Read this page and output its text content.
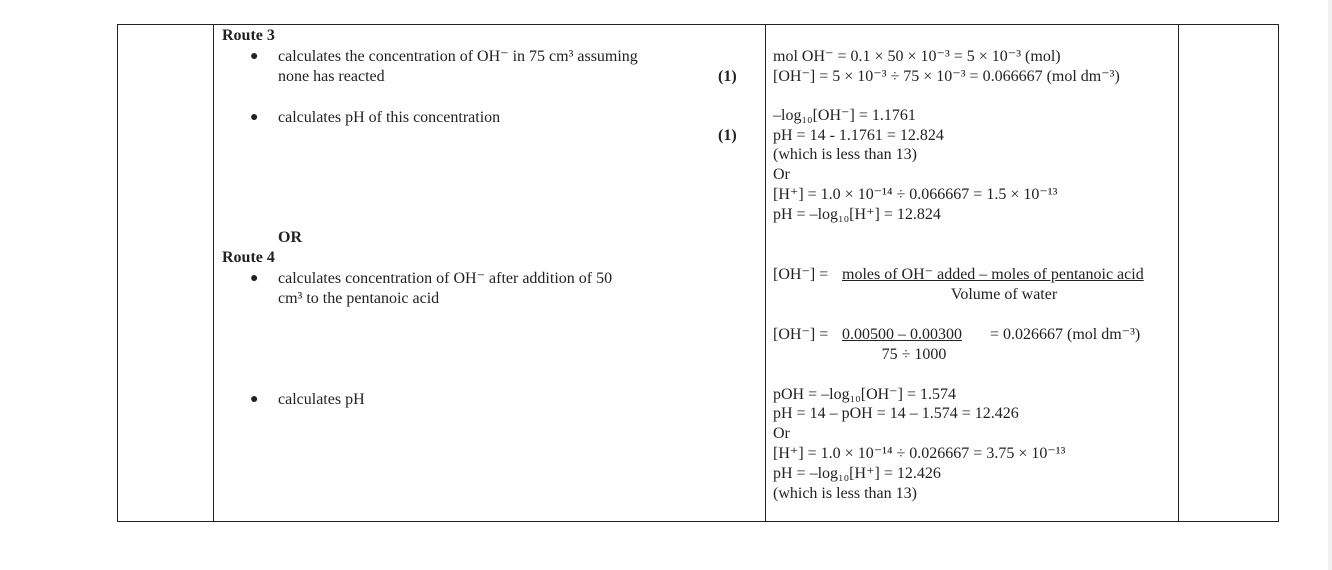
Route 3
● calculates the concentration of OH⁻ in 75 cm³ assuming
none has reacted	(1)
● calculates pH of this concentration
(1)
mol OH⁻ = 0.1 × 50 × 10⁻³ = 5 × 10⁻³ (mol)
[OH⁻] = 5 × 10⁻³ ÷ 75 × 10⁻³ = 0.066667 (mol dm⁻³)
–log₁₀[OH⁻] = 1.1761
pH = 14 - 1.1761 = 12.824
(which is less than 13)
Or
[H⁺] = 1.0 × 10⁻¹⁴ ÷ 0.066667 = 1.5 × 10⁻¹³
pH = –log₁₀[H⁺] = 12.824
OR
Route 4
● calculates concentration of OH⁻ after addition of 50
cm³ to the pentanoic acid
[OH⁻] = moles of OH⁻ added – moles of pentanoic acid
Volume of water
[OH⁻] = 0.00500 – 0.00300 = 0.026667 (mol dm⁻³)
75 ÷ 1000
● calculates pH	pOH = –log₁₀[OH⁻] = 1.574
pH = 14 – pOH = 14 – 1.574 = 12.426
Or
[H⁺] = 1.0 × 10⁻¹⁴ ÷ 0.026667 = 3.75 × 10⁻¹³
pH = –log₁₀[H⁺] = 12.426
(which is less than 13)
